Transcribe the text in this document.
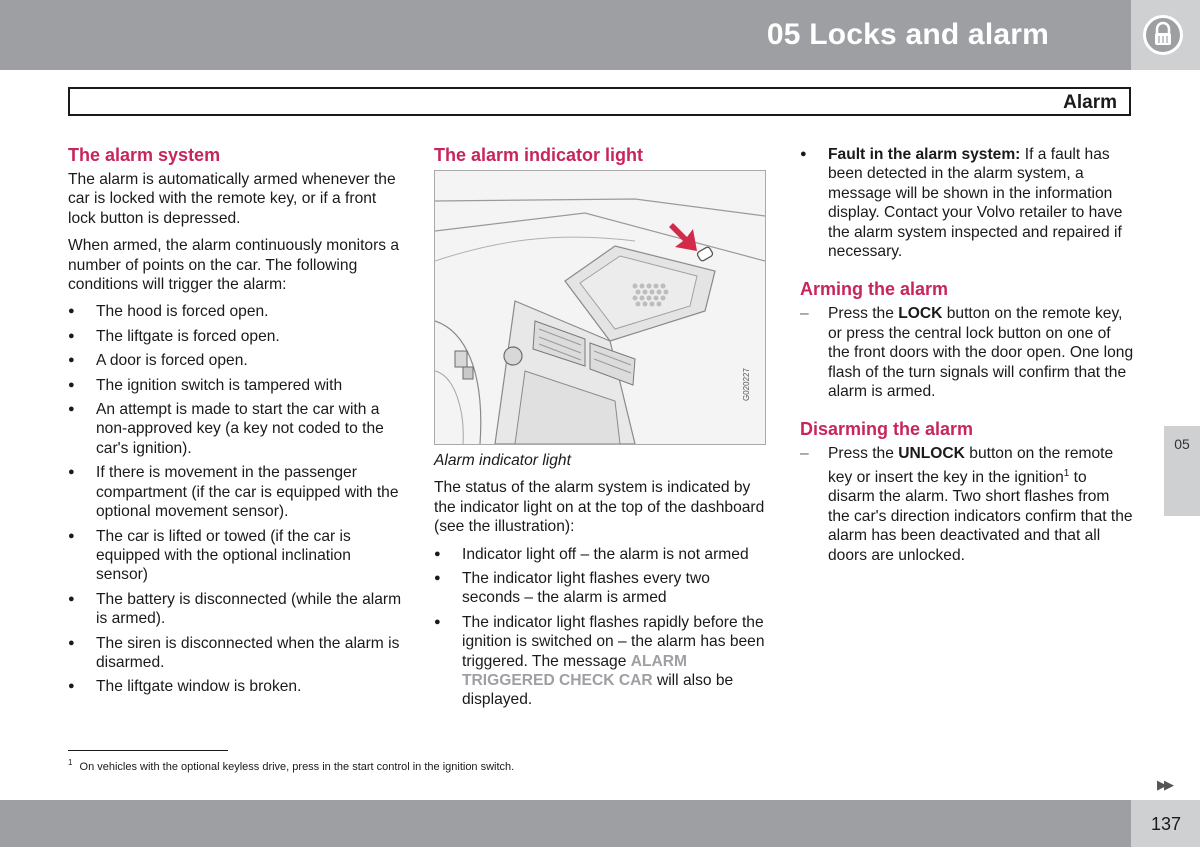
05 Locks and alarm
Alarm
The alarm system

The alarm is automatically armed whenever the car is locked with the remote key, or if a front lock button is depressed.

When armed, the alarm continuously monitors a number of points on the car. The following conditions will trigger the alarm:

● The hood is forced open.
● The liftgate is forced open.
● A door is forced open.
● The ignition switch is tampered with
● An attempt is made to start the car with a non-approved key (a key not coded to the car's ignition).
● If there is movement in the passenger compartment (if the car is equipped with the optional movement sensor).
● The car is lifted or towed (if the car is equipped with the optional inclination sensor)
● The battery is disconnected (while the alarm is armed).
● The siren is disconnected when the alarm is disarmed.
● The liftgate window is broken.
The alarm indicator light
G020227

Alarm indicator light

The status of the alarm system is indicated by the indicator light on at the top of the dashboard (see the illustration):

● Indicator light off – the alarm is not armed
● The indicator light flashes every two seconds – the alarm is armed
● The indicator light flashes rapidly before the ignition is switched on – the alarm has been triggered. The message ALARM TRIGGERED CHECK CAR will also be displayed.
● Fault in the alarm system: If a fault has been detected in the alarm system, a message will be shown in the information display. Contact your Volvo retailer to have the alarm system inspected and repaired if necessary.
Arming the alarm
– Press the LOCK button on the remote key, or press the central lock button on one of the front doors with the door open. One long flash of the turn signals will confirm that the alarm is armed.
Disarming the alarm
– Press the UNLOCK button on the remote key or insert the key in the ignition$^1$ to disarm the alarm. Two short flashes from the car's direction indicators confirm that the alarm has been deactivated and that all doors are unlocked.
05
$^1$ On vehicles with the optional keyless drive, press in the start control in the ignition switch.
▶▶

137
